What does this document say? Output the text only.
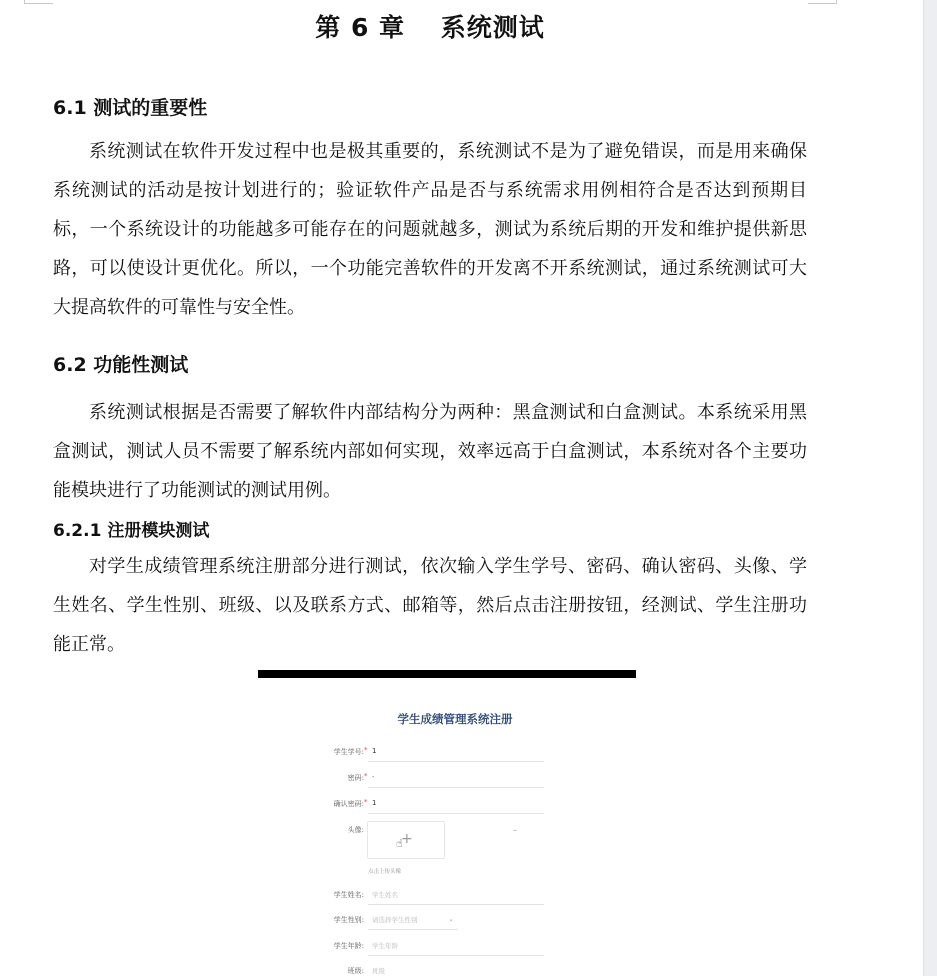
第 6 章　 系统测试
6.1 测试的重要性

系统测试在软件开发过程中也是极其重要的，系统测试不是为了避免错误，而是用来确保系统测试的活动是按计划进行的；验证软件产品是否与系统需求用例相符合是否达到预期目标，一个系统设计的功能越多可能存在的问题就越多，测试为系统后期的开发和维护提供新思路，可以使设计更优化。所以，一个功能完善软件的开发离不开系统测试，通过系统测试可大大提高软件的可靠性与安全性。

6.2 功能性测试

系统测试根据是否需要了解软件内部结构分为两种：黑盒测试和白盒测试。本系统采用黑盒测试，测试人员不需要了解系统内部如何实现，效率远高于白盒测试，本系统对各个主要功能模块进行了功能测试的测试用例。

6.2.1 注册模块测试

对学生成绩管理系统注册部分进行测试，依次输入学生学号、密码、确认密码、头像、学生姓名、学生性别、班级、以及联系方式、邮箱等，然后点击注册按钮，经测试、学生注册功能正常。

学生成绩管理系统注册
学生学号: * 1
密码: * ·
确认密码: * 1
头像:
+
☝
点击上传头像
学生姓名: 学生姓名
学生性别: 请选择学生性别	⌄
学生年龄: 学生年龄
班级: 班级
